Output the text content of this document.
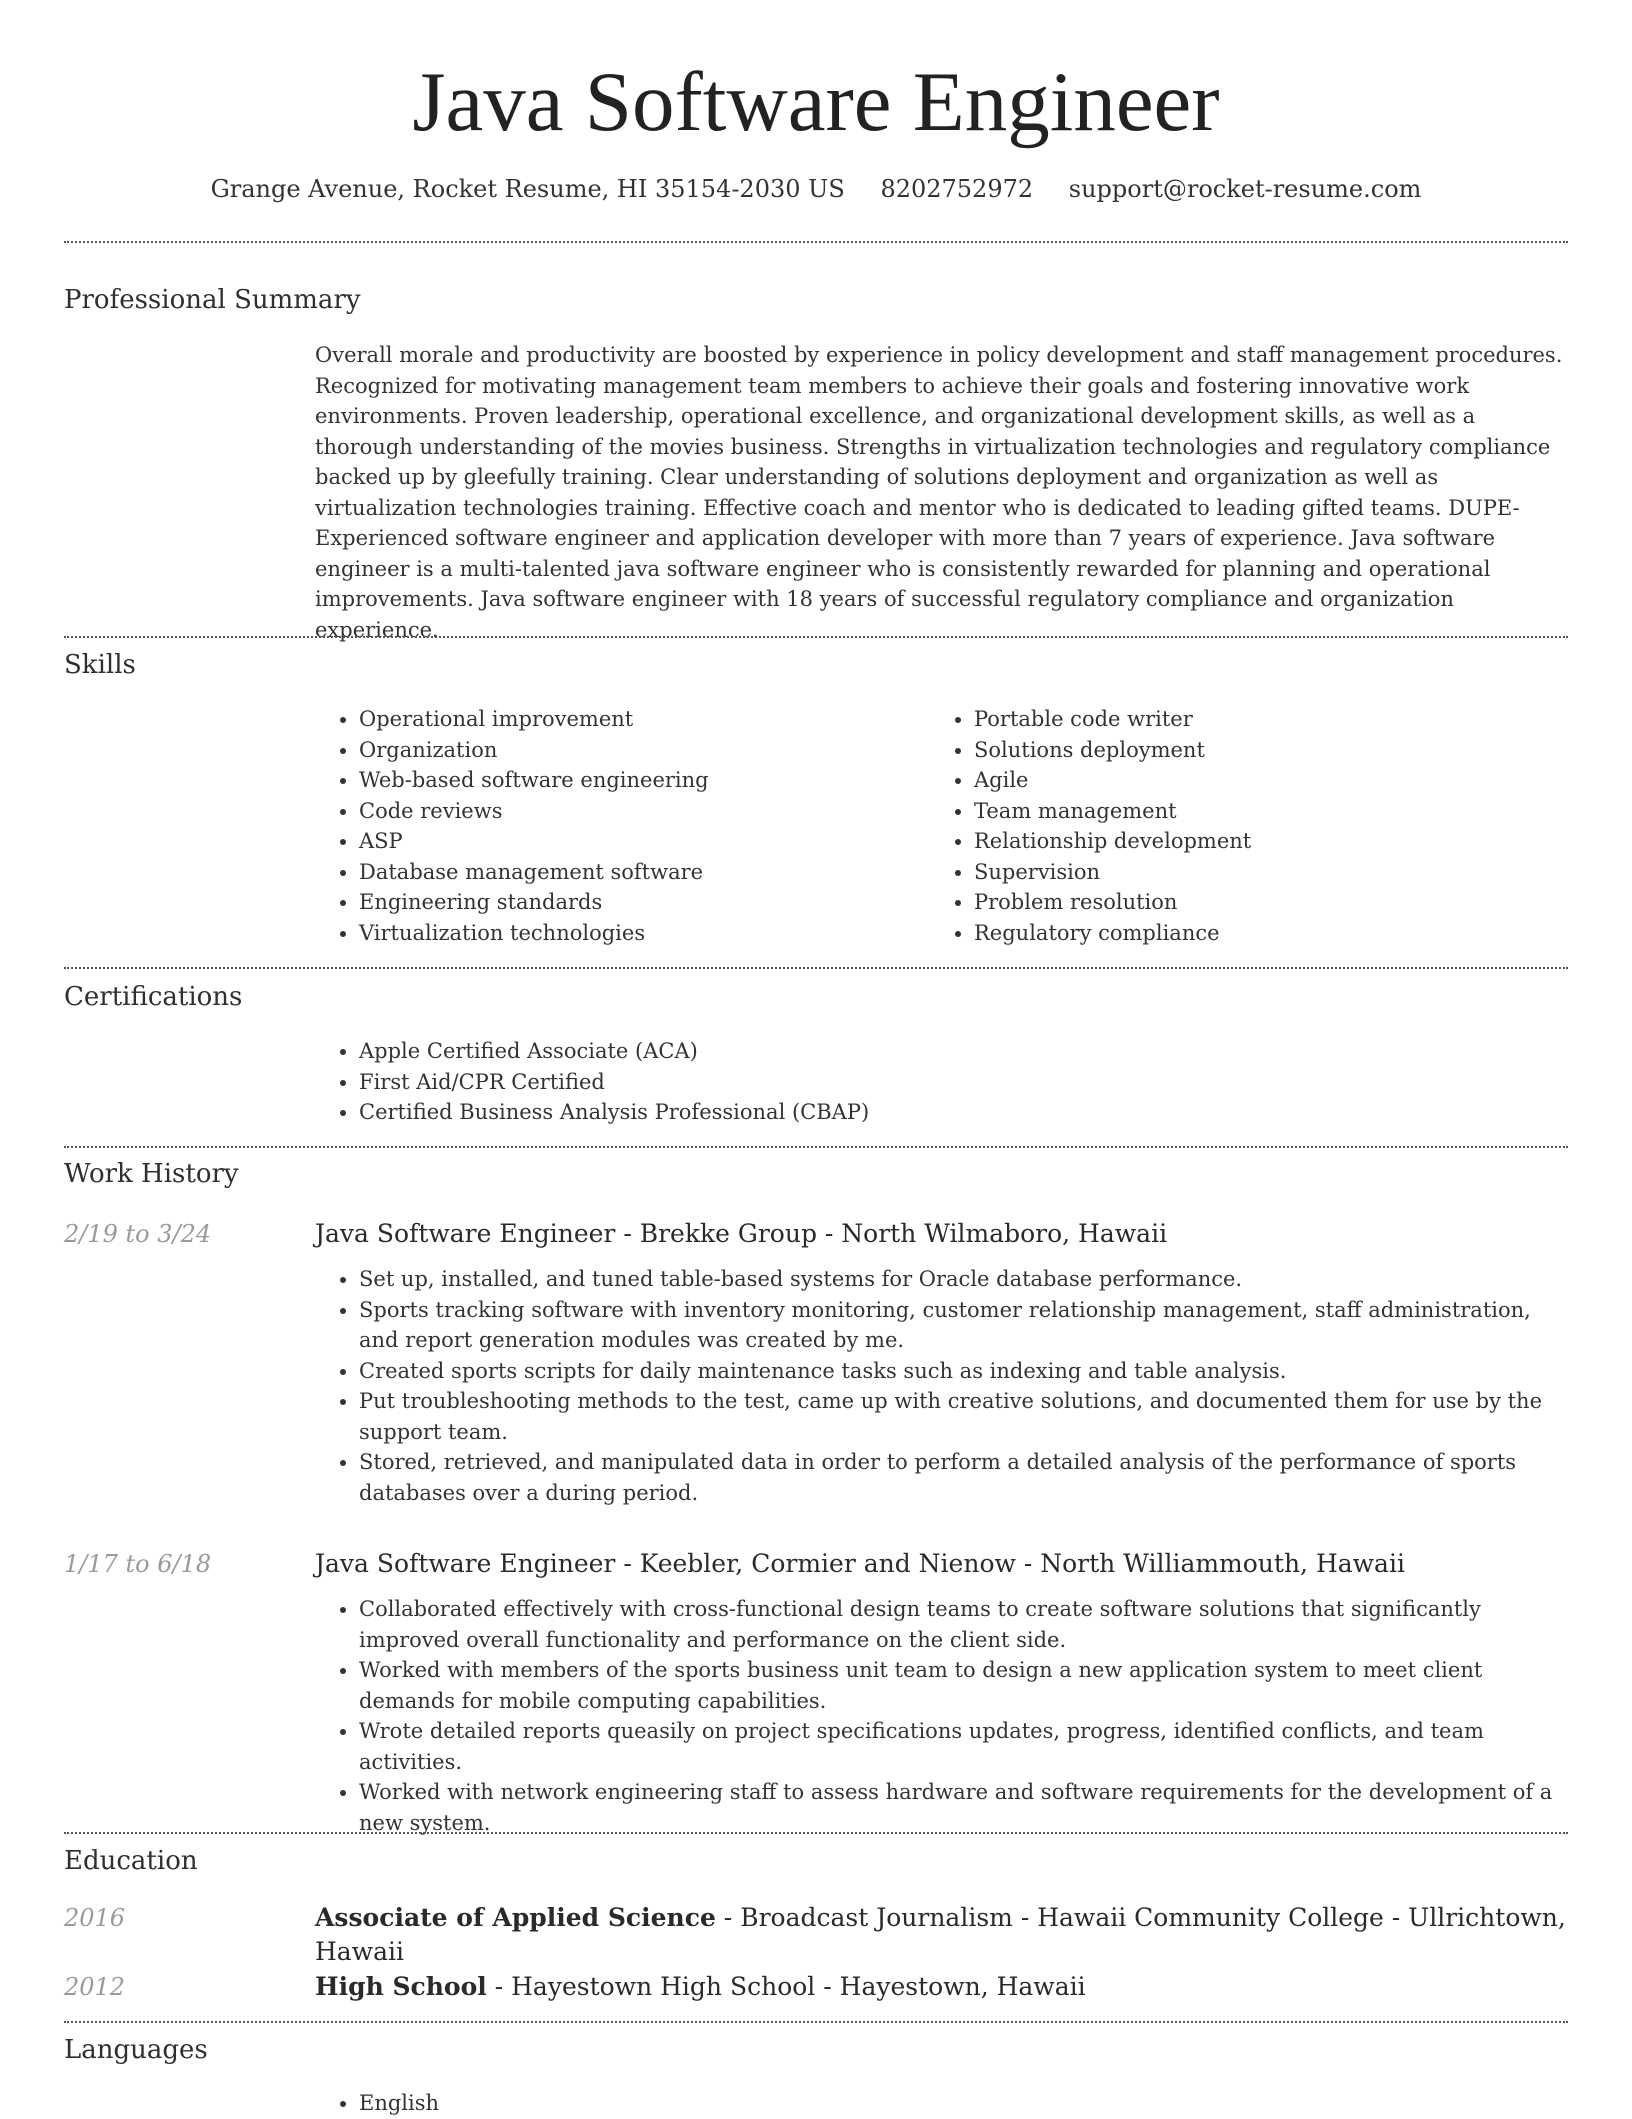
Java Software Engineer
Grange Avenue, Rocket Resume, HI 35154-2030 US 8202752972 support@rocket-resume.com
Professional Summary

Overall morale and productivity are boosted by experience in policy development and staff management procedures. Recognized for motivating management team members to achieve their goals and fostering innovative work environments. Proven leadership, operational excellence, and organizational development skills, as well as a thorough understanding of the movies business. Strengths in virtualization technologies and regulatory compliance backed up by gleefully training. Clear understanding of solutions deployment and organization as well as virtualization technologies training. Effective coach and mentor who is dedicated to leading gifted teams. DUPE- Experienced software engineer and application developer with more than 7 years of experience. Java software engineer is a multi-talented java software engineer who is consistently rewarded for planning and operational improvements. Java software engineer with 18 years of successful regulatory compliance and organization experience.

Skills
• Operational improvement
• Organization
• Web-based software engineering
• Code reviews
• ASP
• Database management software
• Engineering standards
• Virtualization technologies
• Portable code writer
• Solutions deployment
• Agile
• Team management
• Relationship development
• Supervision
• Problem resolution
• Regulatory compliance
Certifications
• Apple Certified Associate (ACA)
• First Aid/CPR Certified
• Certified Business Analysis Professional (CBAP)
Work History
2/19 to 3/24	Java Software Engineer - Brekke Group - North Wilmaboro, Hawaii
• Set up, installed, and tuned table-based systems for Oracle database performance.
• Sports tracking software with inventory monitoring, customer relationship management, staff administration, and report generation modules was created by me.
• Created sports scripts for daily maintenance tasks such as indexing and table analysis.
• Put troubleshooting methods to the test, came up with creative solutions, and documented them for use by the support team.
• Stored, retrieved, and manipulated data in order to perform a detailed analysis of the performance of sports databases over a during period.
1/17 to 6/18	Java Software Engineer - Keebler, Cormier and Nienow - North Williammouth, Hawaii
• Collaborated effectively with cross-functional design teams to create software solutions that significantly improved overall functionality and performance on the client side.
• Worked with members of the sports business unit team to design a new application system to meet client demands for mobile computing capabilities.
• Wrote detailed reports queasily on project specifications updates, progress, identified conflicts, and team activities.
• Worked with network engineering staff to assess hardware and software requirements for the development of a new system.
Education
2016	Associate of Applied Science - Broadcast Journalism - Hawaii Community College - Ullrichtown, Hawaii
2012	High School - Hayestown High School - Hayestown, Hawaii
Languages
• English
